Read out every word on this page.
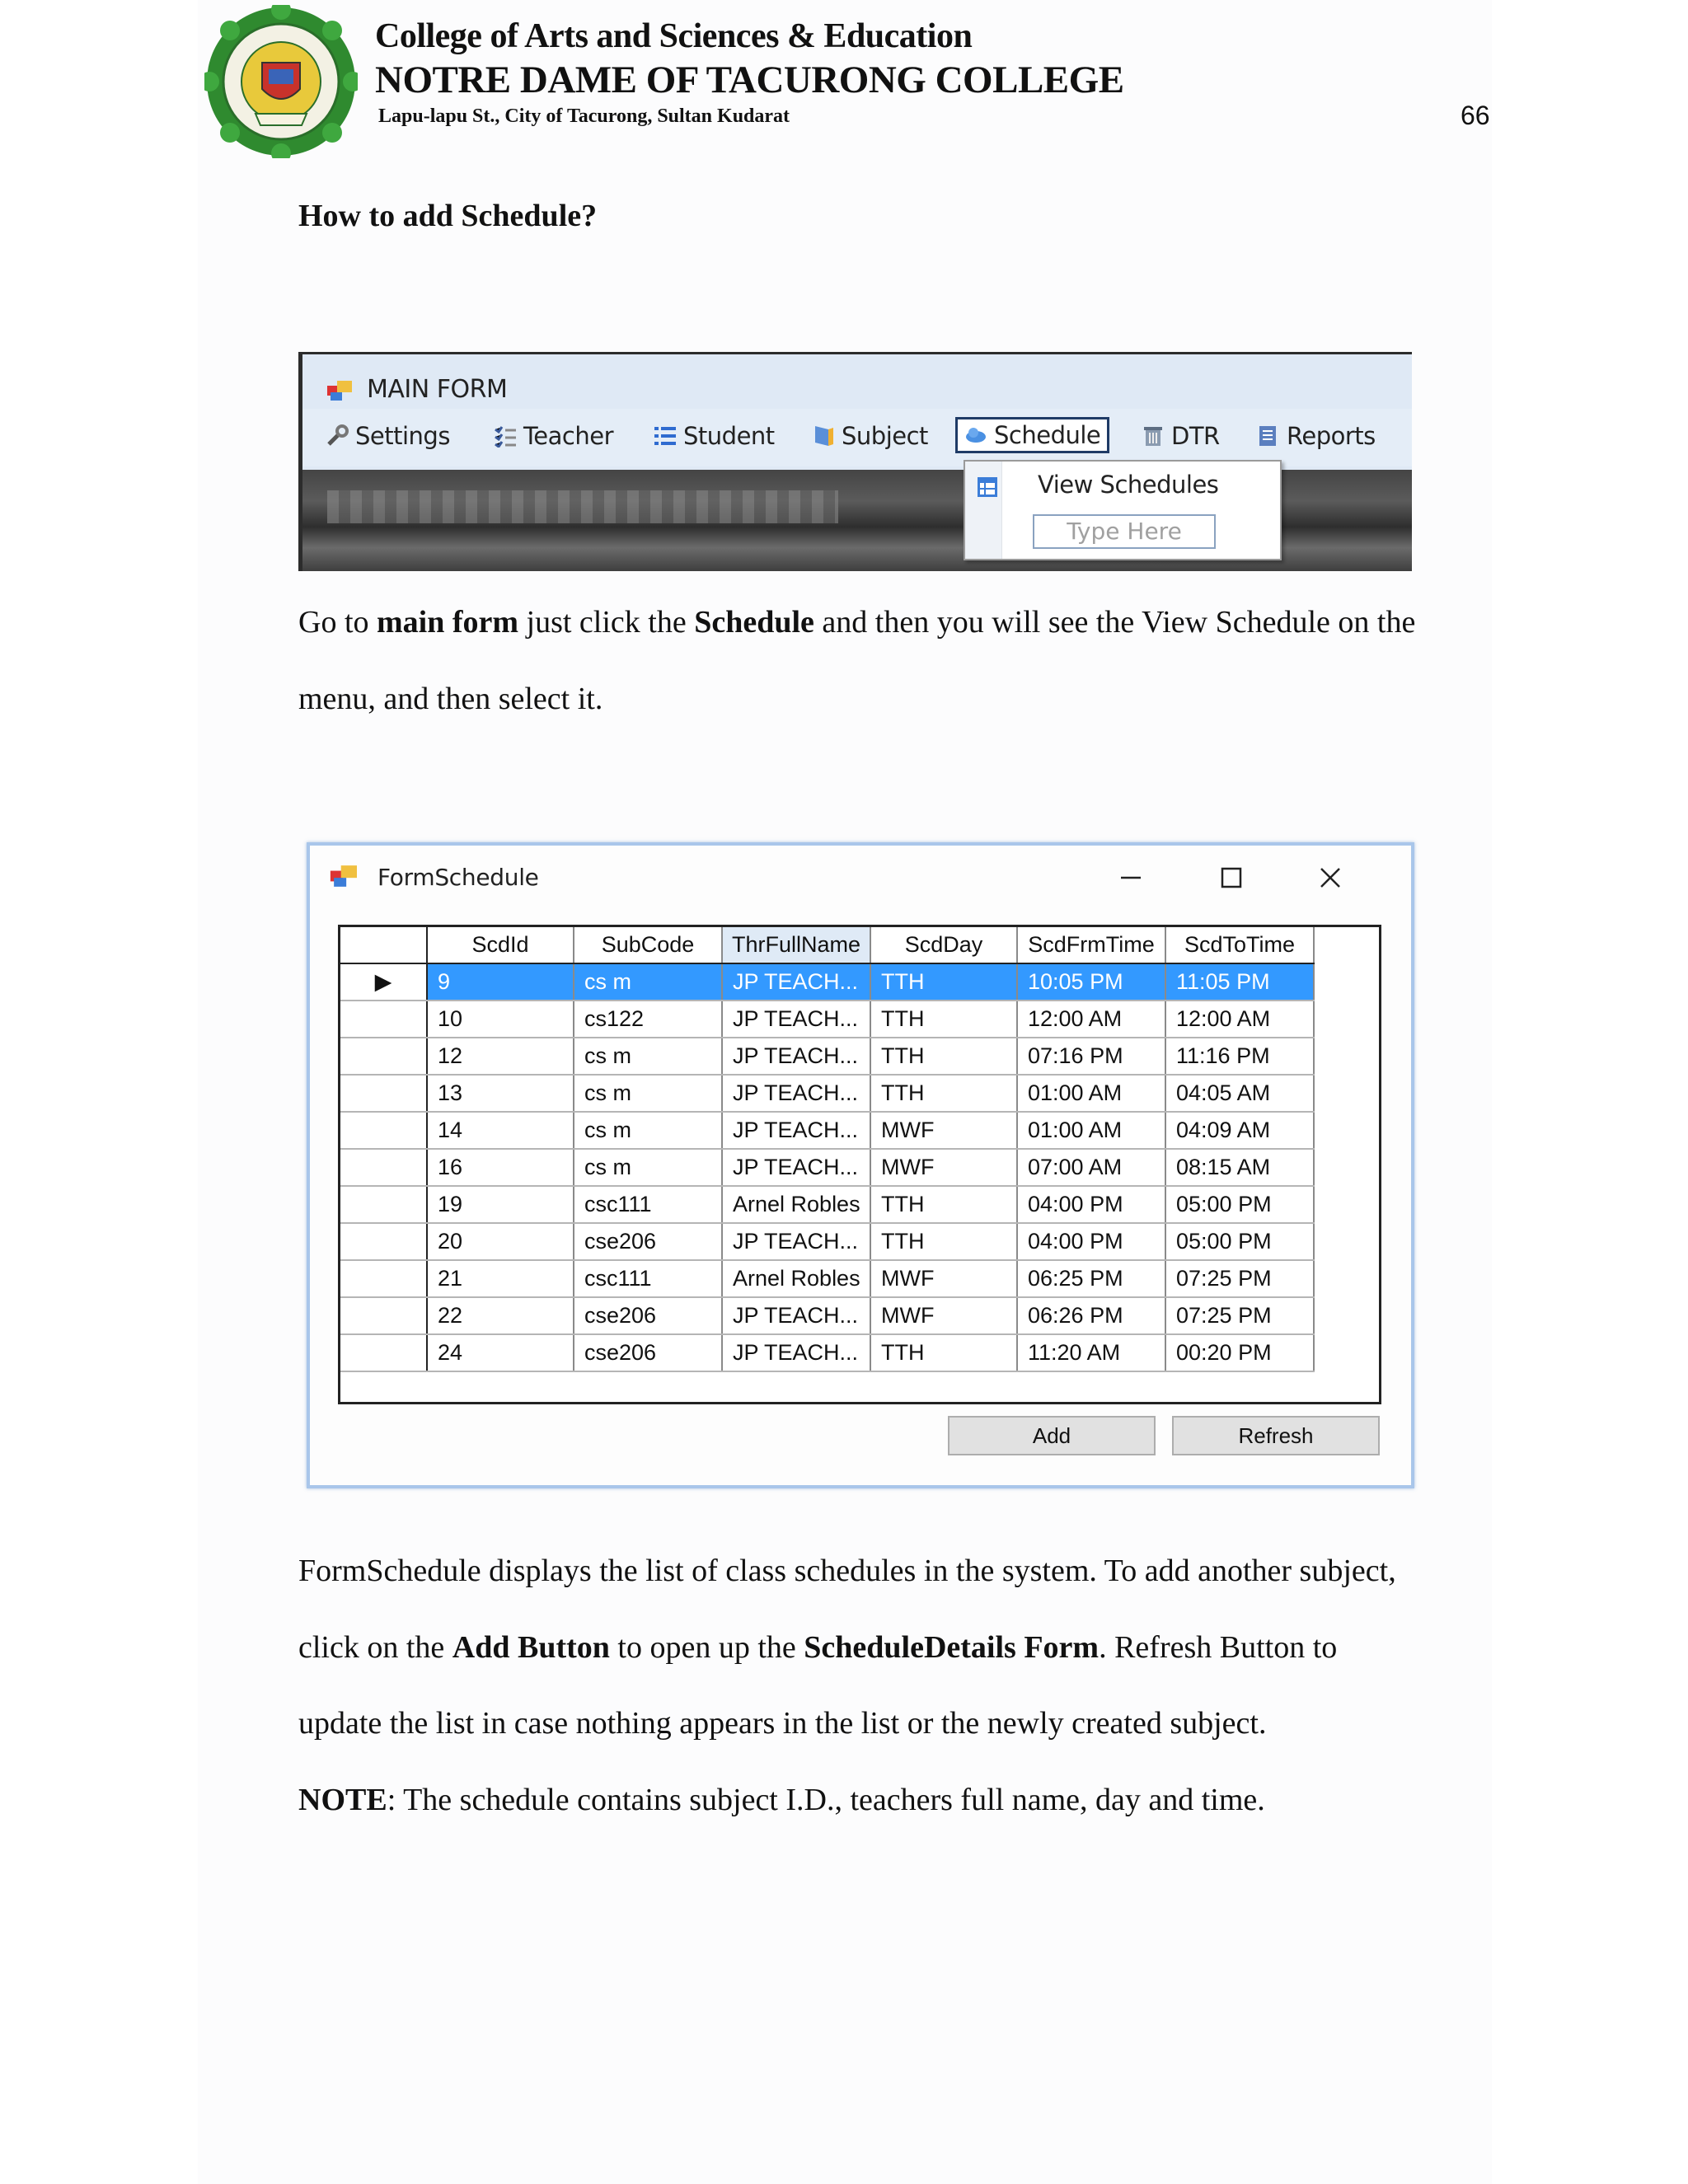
College of Arts and Sciences & Education
NOTRE DAME OF TACURONG COLLEGE
Lapu-lapu St., City of Tacurong, Sultan Kudarat	66
How to add Schedule?
MAIN FORM
Settings	Teacher	Student	Subject	Schedule	DTR	Reports
View Schedules
Type Here
Go to main form just click the Schedule and then you will see the View Schedule on the
menu, and then select it.
FormSchedule
	ScdId	SubCode	ThrFullName	ScdDay	ScdFrmTime	ScdToTime
▶	9	cs m	JP TEACH...	TTH	10:05 PM	11:05 PM
	10	cs122	JP TEACH...	TTH	12:00 AM	12:00 AM
	12	cs m	JP TEACH...	TTH	07:16 PM	11:16 PM
	13	cs m	JP TEACH...	TTH	01:00 AM	04:05 AM
	14	cs m	JP TEACH...	MWF	01:00 AM	04:09 AM
	16	cs m	JP TEACH...	MWF	07:00 AM	08:15 AM
	19	csc111	Arnel Robles	TTH	04:00 PM	05:00 PM
	20	cse206	JP TEACH...	TTH	04:00 PM	05:00 PM
	21	csc111	Arnel Robles	MWF	06:25 PM	07:25 PM
	22	cse206	JP TEACH...	MWF	06:26 PM	07:25 PM
	24	cse206	JP TEACH...	TTH	11:20 AM	00:20 PM
Add	Refresh
FormSchedule displays the list of class schedules in the system. To add another subject,
click on the Add Button to open up the ScheduleDetails Form. Refresh Button to
update the list in case nothing appears in the list or the newly created subject.
NOTE: The schedule contains subject I.D., teachers full name, day and time.
